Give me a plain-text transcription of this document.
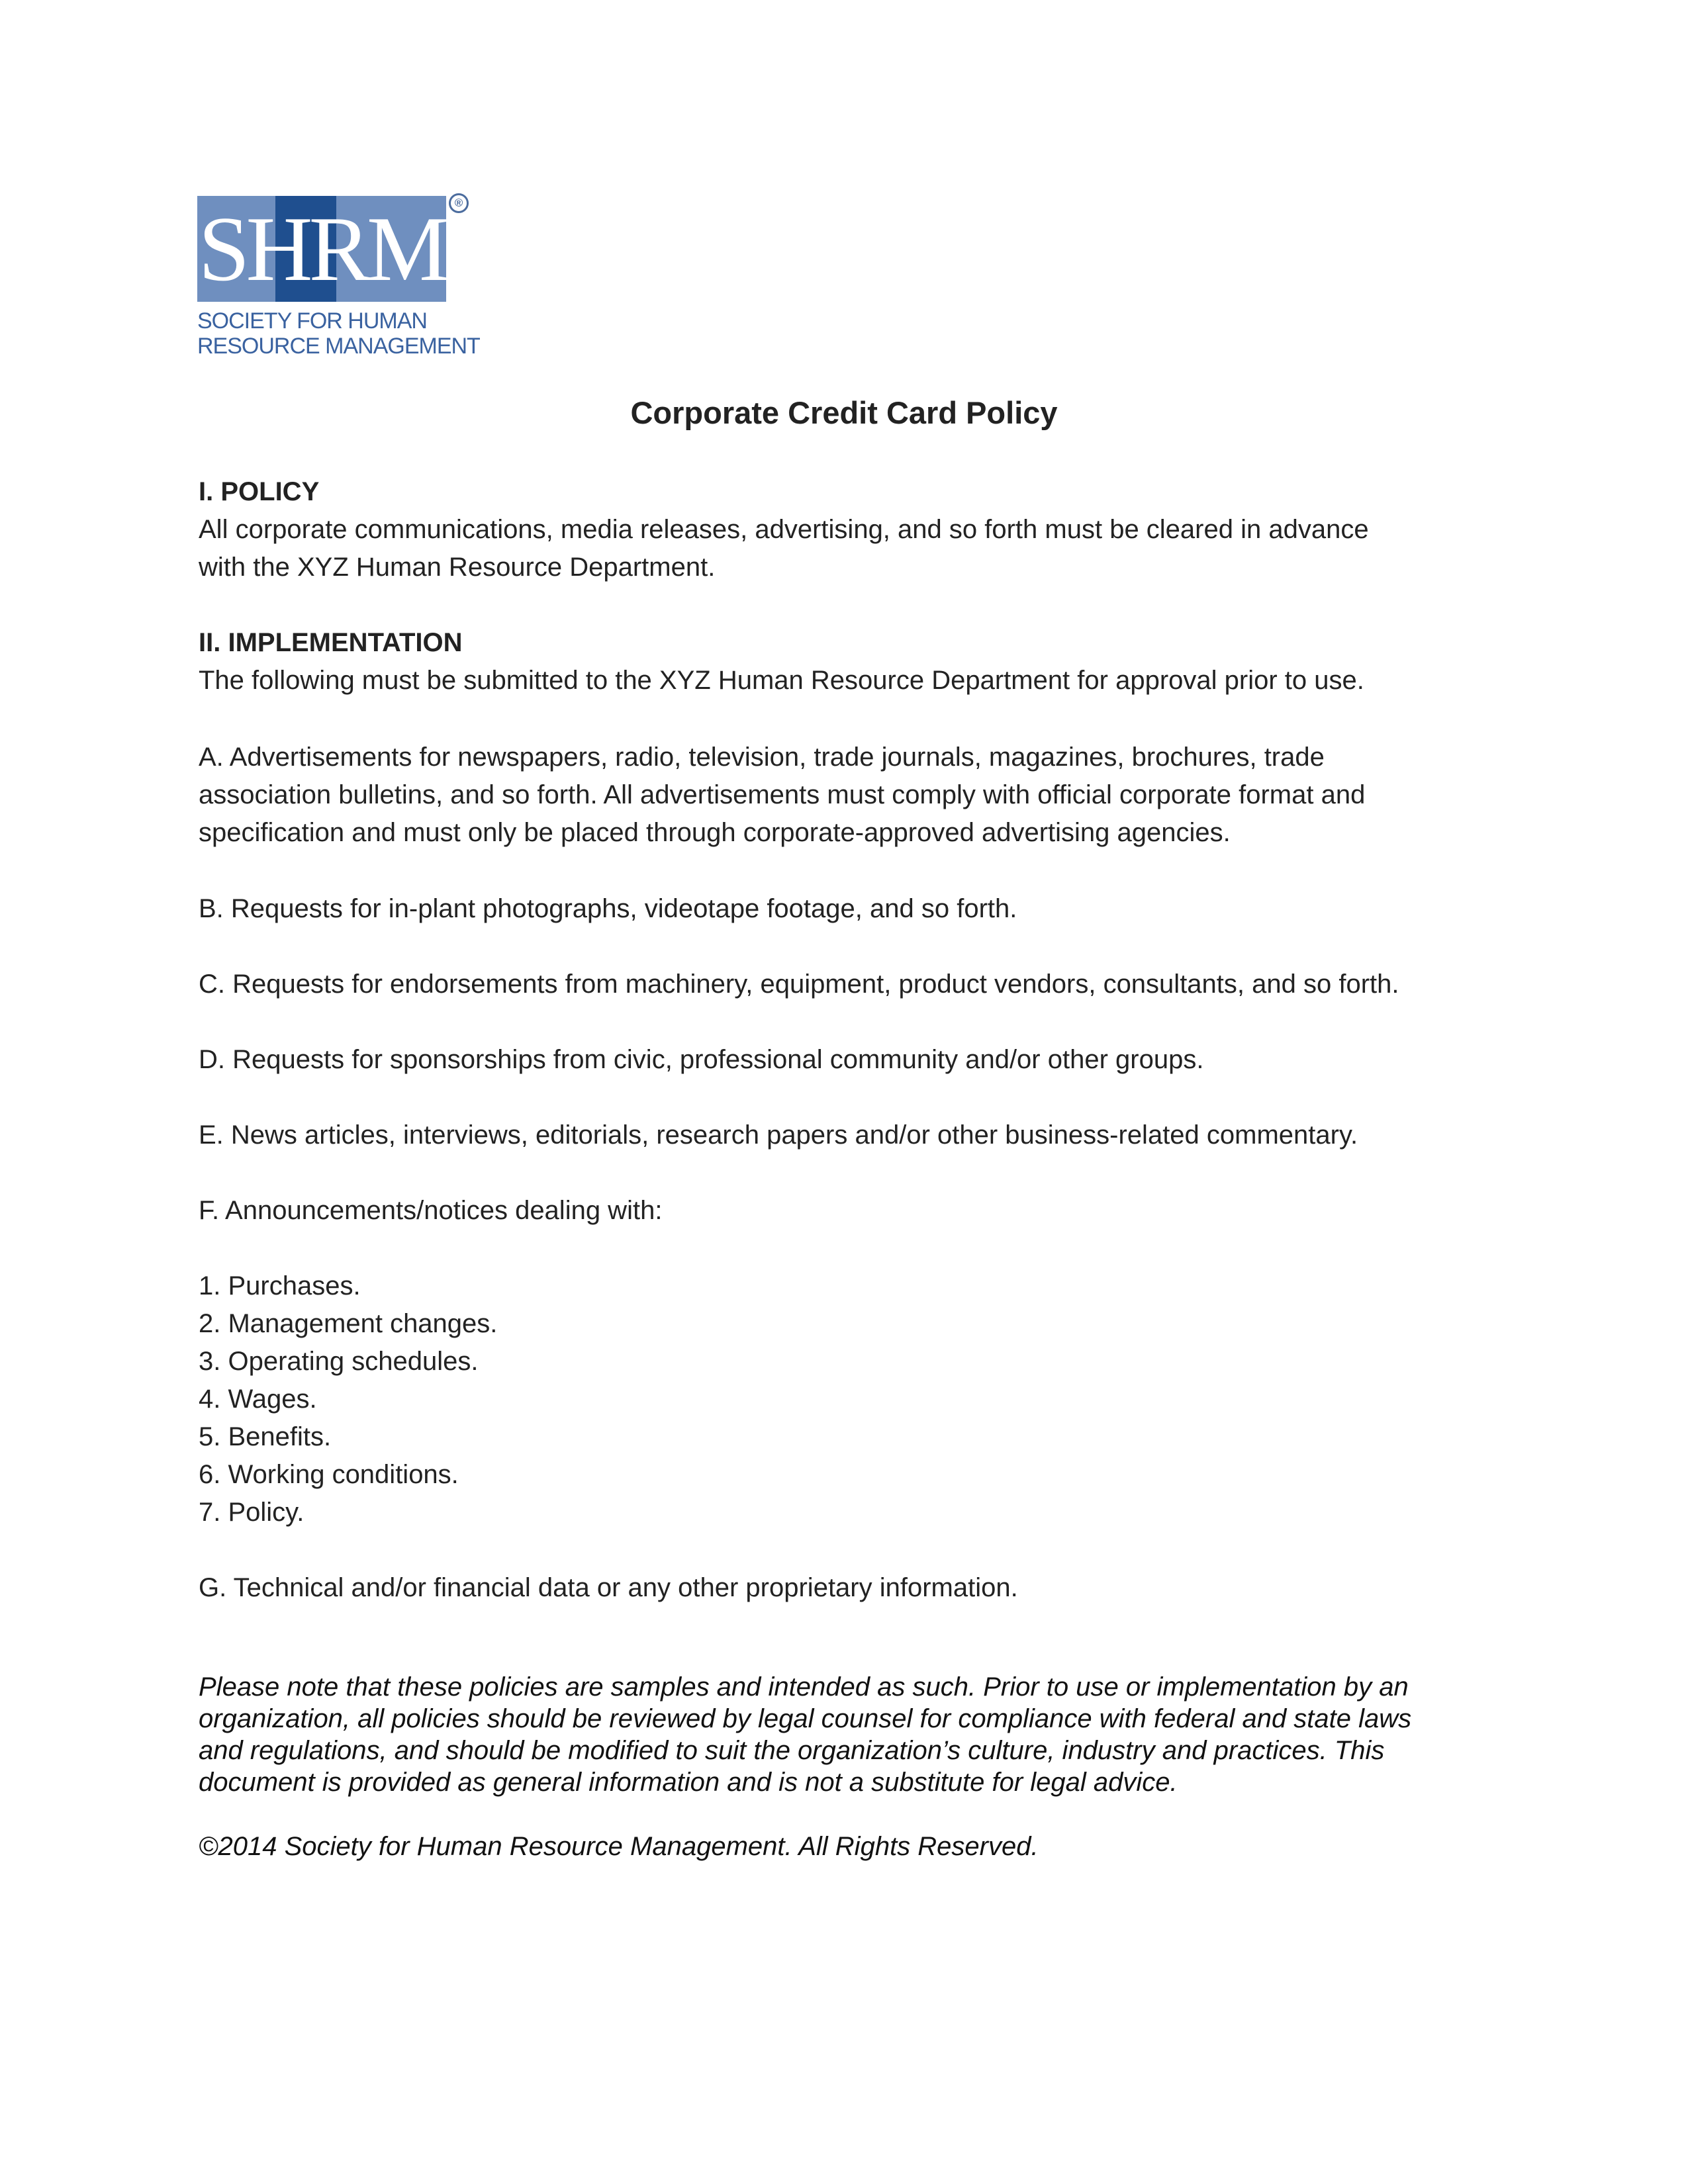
SHRM ®
SOCIETY FOR HUMAN
RESOURCE MANAGEMENT
Corporate Credit Card Policy
I. POLICY
All corporate communications, media releases, advertising, and so forth must be cleared in advance
with the XYZ Human Resource Department.
II. IMPLEMENTATION
The following must be submitted to the XYZ Human Resource Department for approval prior to use.
A. Advertisements for newspapers, radio, television, trade journals, magazines, brochures, trade
association bulletins, and so forth. All advertisements must comply with official corporate format and
specification and must only be placed through corporate-approved advertising agencies.
B. Requests for in-plant photographs, videotape footage, and so forth.
C. Requests for endorsements from machinery, equipment, product vendors, consultants, and so forth.
D. Requests for sponsorships from civic, professional community and/or other groups.
E. News articles, interviews, editorials, research papers and/or other business-related commentary.
F. Announcements/notices dealing with:
1. Purchases.
2. Management changes.
3. Operating schedules.
4. Wages.
5. Benefits.
6. Working conditions.
7. Policy.
G. Technical and/or financial data or any other proprietary information.
Please note that these policies are samples and intended as such. Prior to use or implementation by an
organization, all policies should be reviewed by legal counsel for compliance with federal and state laws
and regulations, and should be modified to suit the organization’s culture, industry and practices. This
document is provided as general information and is not a substitute for legal advice.
©2014 Society for Human Resource Management. All Rights Reserved.
